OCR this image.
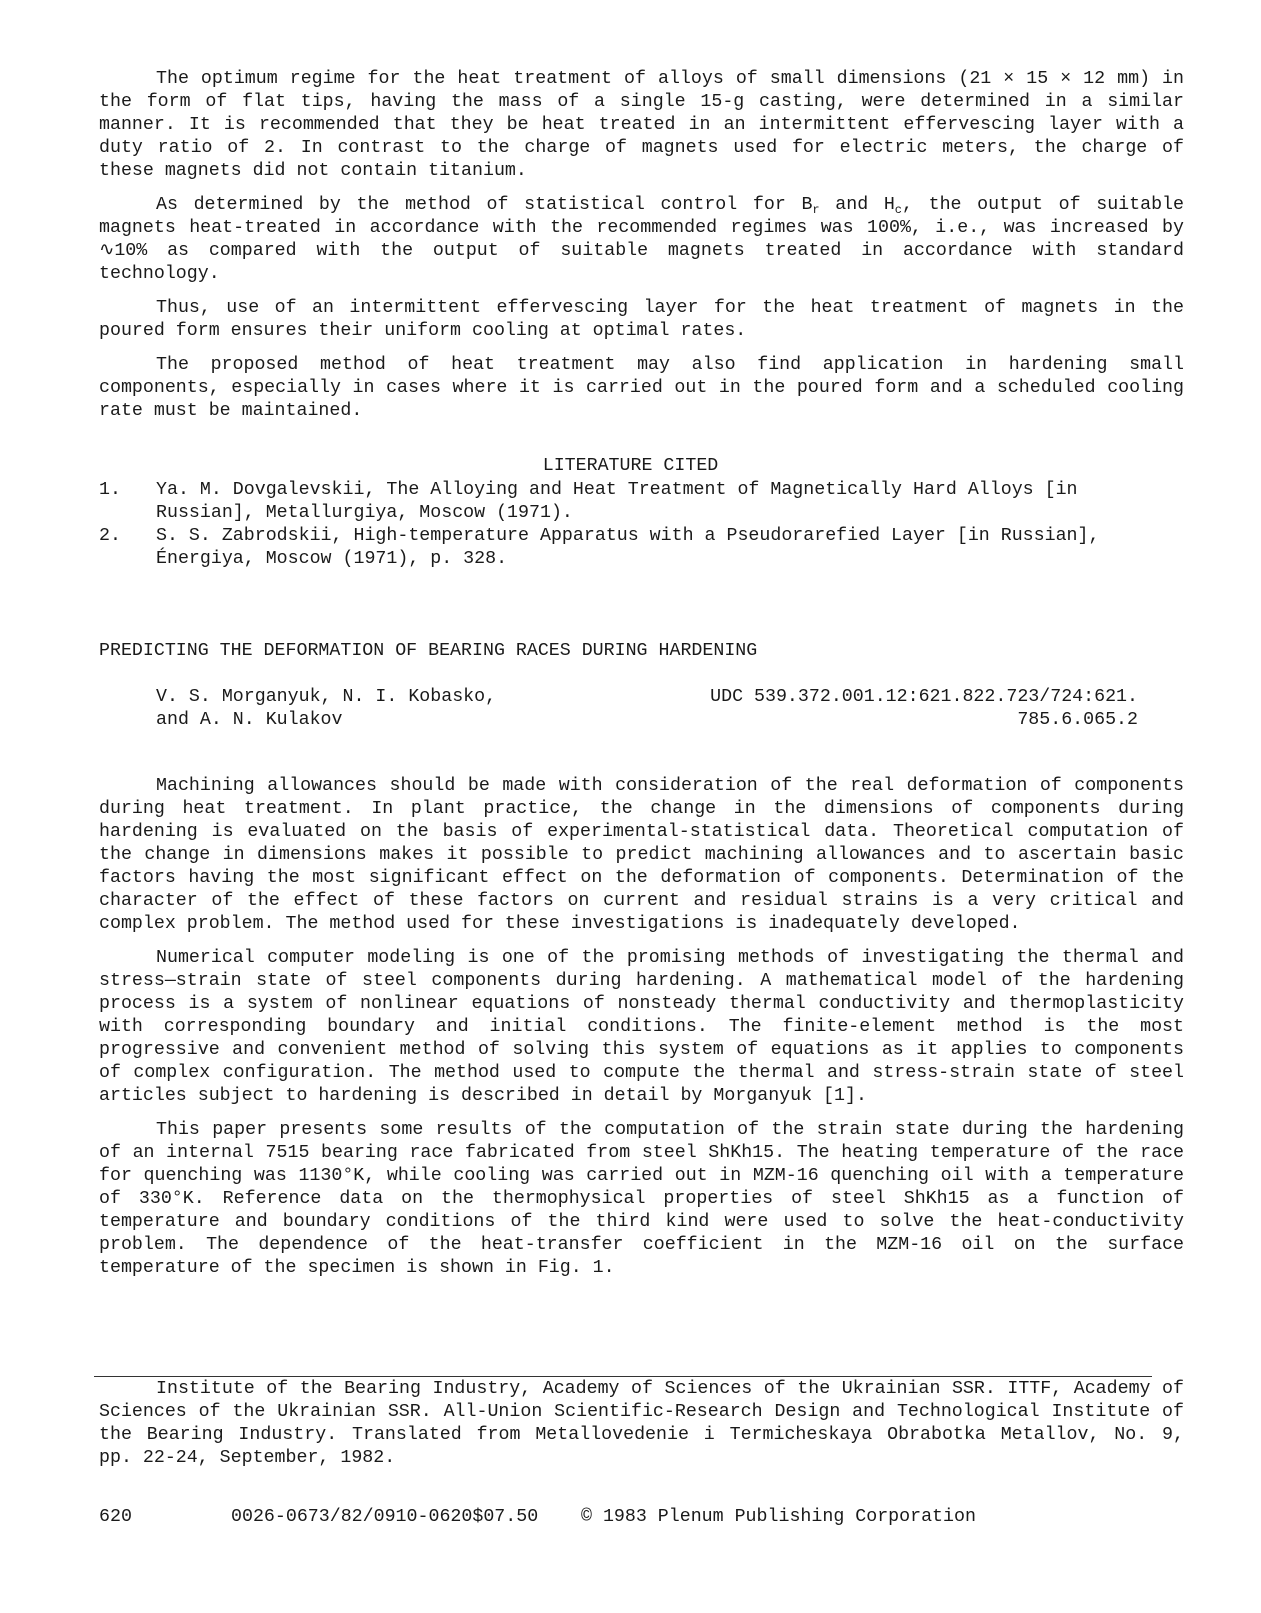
The optimum regime for the heat treatment of alloys of small dimensions (21 × 15 × 12 mm) in the form of flat tips, having the mass of a single 15-g casting, were determined in a similar manner. It is recommended that they be heat treated in an intermittent effervescing layer with a duty ratio of 2. In contrast to the charge of magnets used for electric meters, the charge of these magnets did not contain titanium.

As determined by the method of statistical control for $B_r$ and $H_c$, the output of suitable magnets heat-treated in accordance with the recommended regimes was 100%, i.e., was increased by ∿10% as compared with the output of suitable magnets treated in accordance with standard technology.

Thus, use of an intermittent effervescing layer for the heat treatment of magnets in the poured form ensures their uniform cooling at optimal rates.

The proposed method of heat treatment may also find application in hardening small components, especially in cases where it is carried out in the poured form and a scheduled cooling rate must be maintained.

LITERATURE CITED
1. Ya. M. Dovgalevskii, The Alloying and Heat Treatment of Magnetically Hard Alloys [in Russian], Metallurgiya, Moscow (1971).
2. S. S. Zabrodskii, High-temperature Apparatus with a Pseudorarefied Layer [in Russian], Énergiya, Moscow (1971), p. 328.
PREDICTING THE DEFORMATION OF BEARING RACES DURING HARDENING
V. S. Morganyuk, N. I. Kobasko,
and A. N. Kulakov
UDC 539.372.001.12:621.822.723/724:621.
785.6.065.2

Machining allowances should be made with consideration of the real deformation of components during heat treatment. In plant practice, the change in the dimensions of components during hardening is evaluated on the basis of experimental-statistical data. Theoretical computation of the change in dimensions makes it possible to predict machining allowances and to ascertain basic factors having the most significant effect on the deformation of components. Determination of the character of the effect of these factors on current and residual strains is a very critical and complex problem. The method used for these investigations is inadequately developed.

Numerical computer modeling is one of the promising methods of investigating the thermal and stress—strain state of steel components during hardening. A mathematical model of the hardening process is a system of nonlinear equations of nonsteady thermal conductivity and thermoplasticity with corresponding boundary and initial conditions. The finite-element method is the most progressive and convenient method of solving this system of equations as it applies to components of complex configuration. The method used to compute the thermal and stress-strain state of steel articles subject to hardening is described in detail by Morganyuk [1].

This paper presents some results of the computation of the strain state during the hardening of an internal 7515 bearing race fabricated from steel ShKh15. The heating temperature of the race for quenching was 1130°K, while cooling was carried out in MZM-16 quenching oil with a temperature of 330°K. Reference data on the thermophysical properties of steel ShKh15 as a function of temperature and boundary conditions of the third kind were used to solve the heat-conductivity problem. The dependence of the heat-transfer coefficient in the MZM-16 oil on the surface temperature of the specimen is shown in Fig. 1.

Institute of the Bearing Industry, Academy of Sciences of the Ukrainian SSR. ITTF, Academy of Sciences of the Ukrainian SSR. All-Union Scientific-Research Design and Technological Institute of the Bearing Industry. Translated from Metallovedenie i Termicheskaya Obrabotka Metallov, No. 9, pp. 22-24, September, 1982.

620	0026-0673/82/0910-0620$07.50 © 1983 Plenum Publishing Corporation
